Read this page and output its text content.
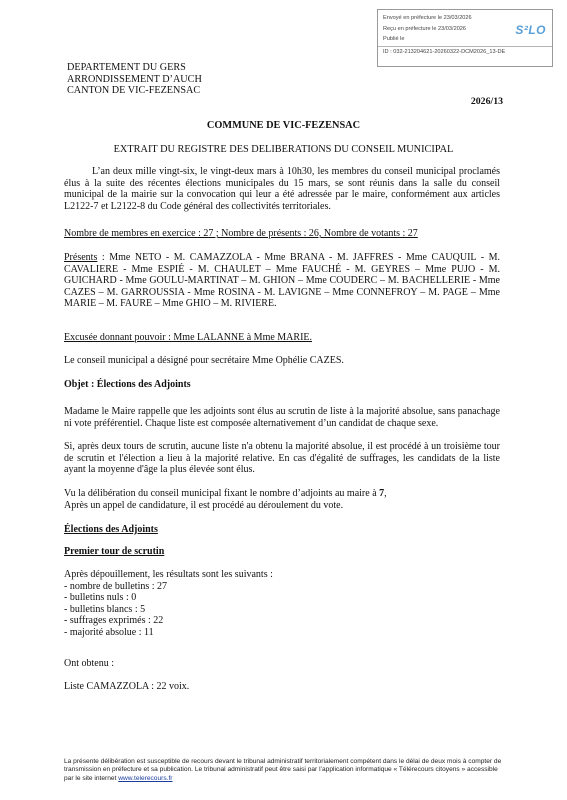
Envoyé en préfecture le 23/03/2026
Reçu en préfecture le 23/03/2026
Publié le
ID : 032-213204621-20260322-DCM2026_13-DE
S²LO
DEPARTEMENT DU GERS
ARRONDISSEMENT D’AUCH
CANTON DE VIC-FEZENSAC
2026/13
COMMUNE DE VIC-FEZENSAC
EXTRAIT DU REGISTRE DES DELIBERATIONS DU CONSEIL MUNICIPAL

L’an deux mille vingt-six, le vingt-deux mars à 10h30, les membres du conseil municipal proclamés élus à la suite des récentes élections municipales du 15 mars, se sont réunis dans la salle du conseil municipal de la mairie sur la convocation qui leur a été adressée par le maire, conformément aux articles L2122-7 et L2122-8 du Code général des collectivités territoriales.

Nombre de membres en exercice : 27 ; Nombre de présents : 26, Nombre de votants : 27

Présents : Mme NETO - M. CAMAZZOLA - Mme BRANA - M. JAFFRES - Mme CAUQUIL - M. CAVALIERE - Mme ESPIÉ - M. CHAULET – Mme FAUCHÉ - M. GEYRES – Mme PUJO - M. GUICHARD - Mme GOULU-MARTINAT – M. GHION – Mme COUDERC – M. BACHELLERIE - Mme CAZES – M. GARROUSSIA - Mme ROSINA - M. LAVIGNE – Mme CONNEFROY – M. PAGE – Mme MARIE – M. FAURE – Mme GHIO – M. RIVIERE.

Excusée donnant pouvoir : Mme LALANNE à Mme MARIE.

Le conseil municipal a désigné pour secrétaire Mme Ophélie CAZES.

Objet : Élections des Adjoints

Madame le Maire rappelle que les adjoints sont élus au scrutin de liste à la majorité absolue, sans panachage ni vote préférentiel. Chaque liste est composée alternativement d’un candidat de chaque sexe.

Si, après deux tours de scrutin, aucune liste n'a obtenu la majorité absolue, il est procédé à un troisième tour de scrutin et l'élection a lieu à la majorité relative. En cas d'égalité de suffrages, les candidats de la liste ayant la moyenne d'âge la plus élevée sont élus.

Vu la délibération du conseil municipal fixant le nombre d’adjoints au maire à 7,

Après un appel de candidature, il est procédé au déroulement du vote.

Élections des Adjoints

Premier tour de scrutin

Après dépouillement, les résultats sont les suivants :
- nombre de bulletins : 27
- bulletins nuls : 0
- bulletins blancs : 5
- suffrages exprimés : 22
- majorité absolue : 11

Ont obtenu :

Liste CAMAZZOLA : 22 voix.

La présente délibération est susceptible de recours devant le tribunal administratif territorialement compétent dans le délai de deux mois à compter de transmission en préfecture et sa publication. Le tribunal administratif peut être saisi par l’application informatique « Télérecours citoyens » accessible par le site internet www.telerecours.fr
